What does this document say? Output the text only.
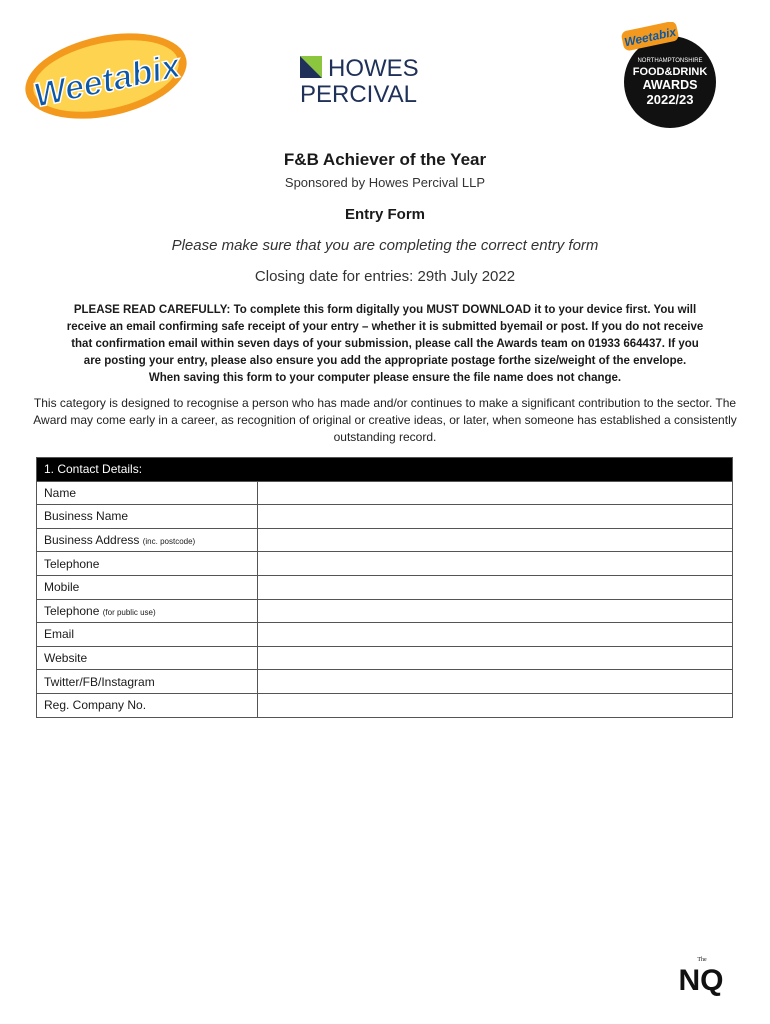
Weetabix	HOWES
PERCIVAL
Weetabix
NORTHAMPTONSHIRE
FOOD&DRINK
AWARDS
2022/23
F&B Achiever of the Year
Sponsored by Howes Percival LLP
Entry Form
Please make sure that you are completing the correct entry form
Closing date for entries: 29th July 2022

PLEASE READ CAREFULLY: To complete this form digitally you MUST DOWNLOAD it to your device first. You will

receive an email confirming safe receipt of your entry – whether it is submitted byemail or post. If you do not receive

that confirmation email within seven days of your submission, please call the Awards team on 01933 664437. If you

are posting your entry, please also ensure you add the appropriate postage forthe size/weight of the envelope.

When saving this form to your computer please ensure the file name does not change.

This category is designed to recognise a person who has made and/or continues to make a significant contribution to the sector. The Award may come early in a career, as recognition of original or creative ideas, or later, when someone has established a consistently outstanding record.
1. Contact Details:	
Name	
Business Name	
Business Address (inc. postcode)	
Telephone	
Mobile	
Telephone (for public use)	
Email	
Website	
Twitter/FB/Instagram	
Reg. Company No.	
The
NQ
